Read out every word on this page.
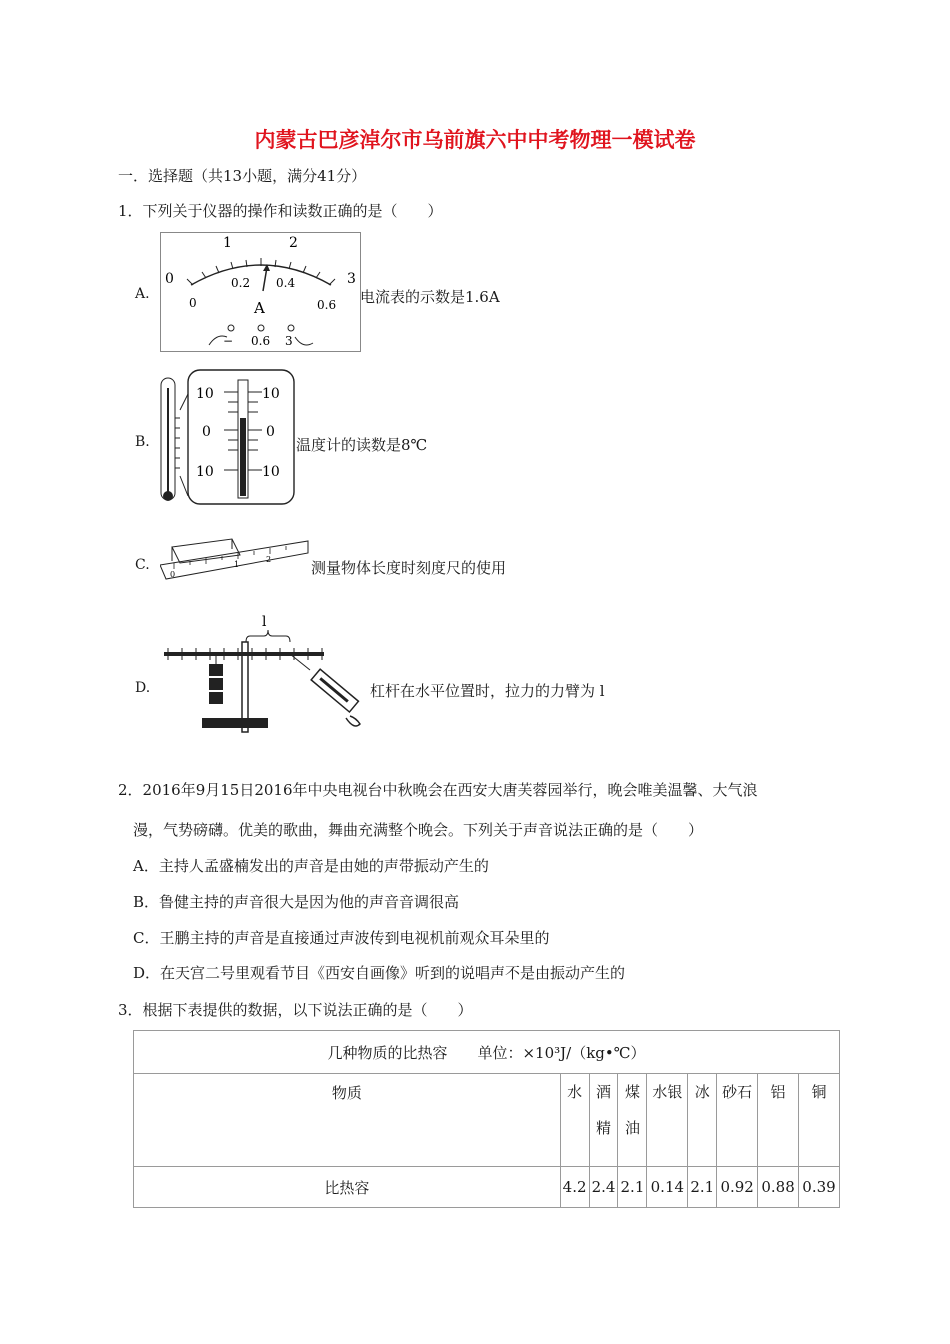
内蒙古巴彦淖尔市乌前旗六中中考物理一模试卷
一．选择题（共13小题，满分41分）
1．下列关于仪器的操作和读数正确的是（　　）
A.
0
1	2
3
0
0.2 0.4
0.6
A
− 0.6 3
电流表的示数是1.6A
B.
10	10
0	0
10	10
温度计的读数是8℃
C.
0
1
2	测量物体长度时刻度尺的使用
D.
l
杠杆在水平位置时，拉力的力臂为 l
2．2016年9月15日2016年中央电视台中秋晚会在西安大唐芙蓉园举行，晚会唯美温馨、大气浪
漫，气势磅礴。优美的歌曲，舞曲充满整个晚会。下列关于声音说法正确的是（　　）
A．主持人孟盛楠发出的声音是由她的声带振动产生的
B．鲁健主持的声音很大是因为他的声音音调很高
C．王鹏主持的声音是直接通过声波传到电视机前观众耳朵里的
D．在天宫二号里观看节目《西安自画像》听到的说唱声不是由振动产生的
3．根据下表提供的数据，以下说法正确的是（　　）
几种物质的比热容　　单位：×10³J/（kg•℃）								
物质	水	酒精	煤油	水银	冰	砂石	铝	铜
比热容	4.2	2.4	2.1	0.14	2.1	0.92	0.88	0.39
